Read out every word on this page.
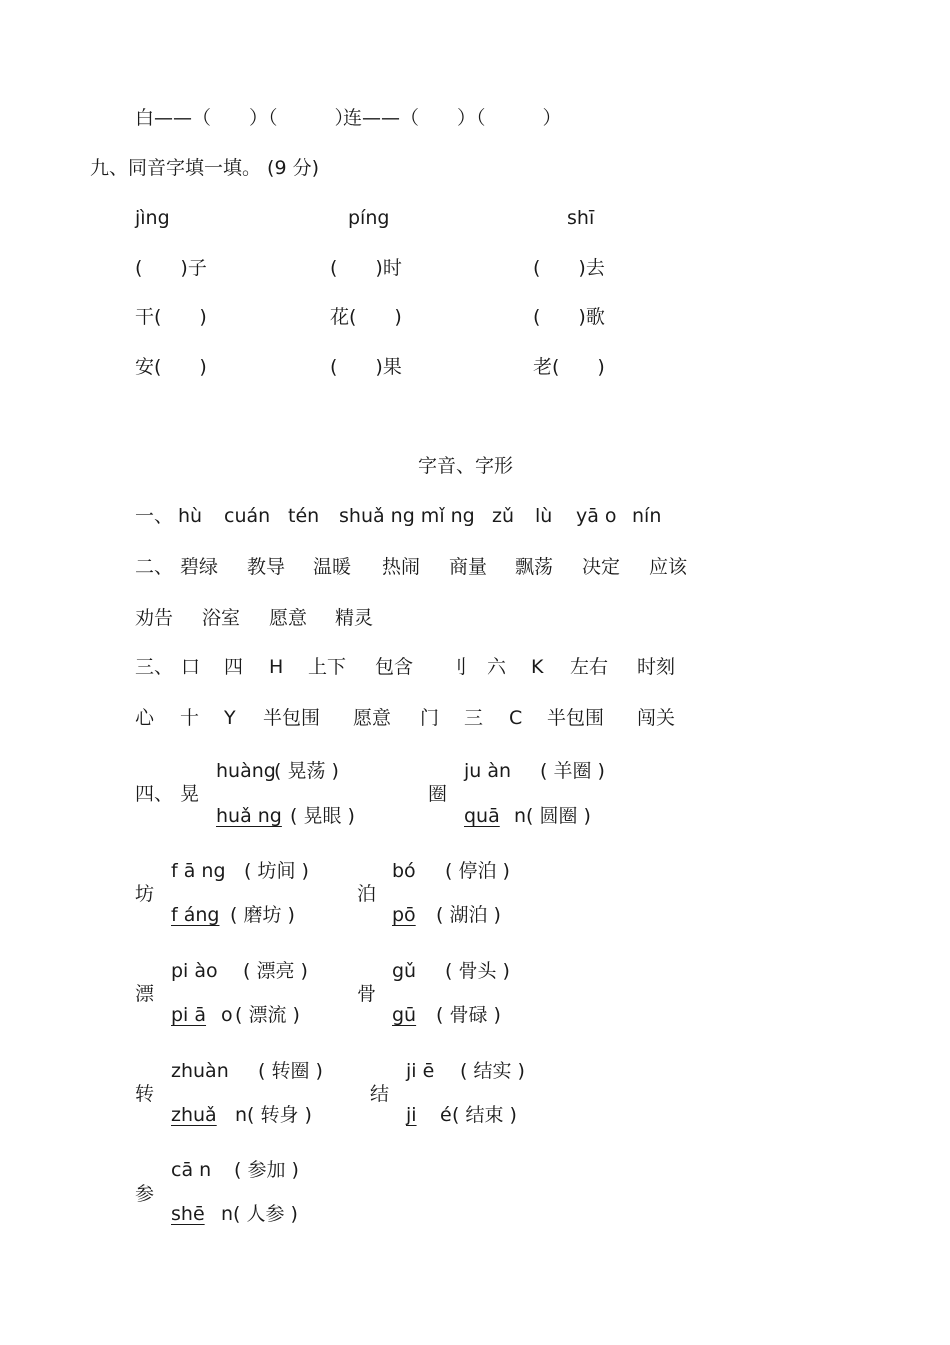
白——（　　）（　　　）
连——（　　）（　　　）
九、同音字填一填。 (9 分)
jìng	píng	shī
(　　)子	(　　)时	(　　)去
干(　　)	花(　　)	(　　)歌
安(　　)	(　　)果	老(　　)
字音、字形
一、 hù cuán tén shuǎ ng mǐ ng zǔ lù yā o nín
二、 碧绿 教导 温暖 热闹 商量 飘荡 决定 应该
劝告 浴室 愿意 精灵
三、 口 四 H 上下 包含 刂 六 K 左右 时刻
心 十 Y 半包围 愿意 门 三 C 半包围 闯关
四、 晃
huàng
( 晃荡 )
huǎ ng ( 晃眼 )
圈
ju àn ( 羊圈 )
quā n ( 圆圈 )
坊
f ā ng ( 坊间 )
f áng ( 磨坊 )
泊
bó ( 停泊 )
pō	( 湖泊 )
漂
pi ào ( 漂亮 )
pi ā o ( 漂流 )
骨
gǔ ( 骨头 )
gū	( 骨碌 )
转
zhuàn ( 转圈 )
zhuǎ n ( 转身 )
结
ji ē ( 结实 )
ji	é ( 结束 )
参
cā n ( 参加 )
shē n ( 人参 )
